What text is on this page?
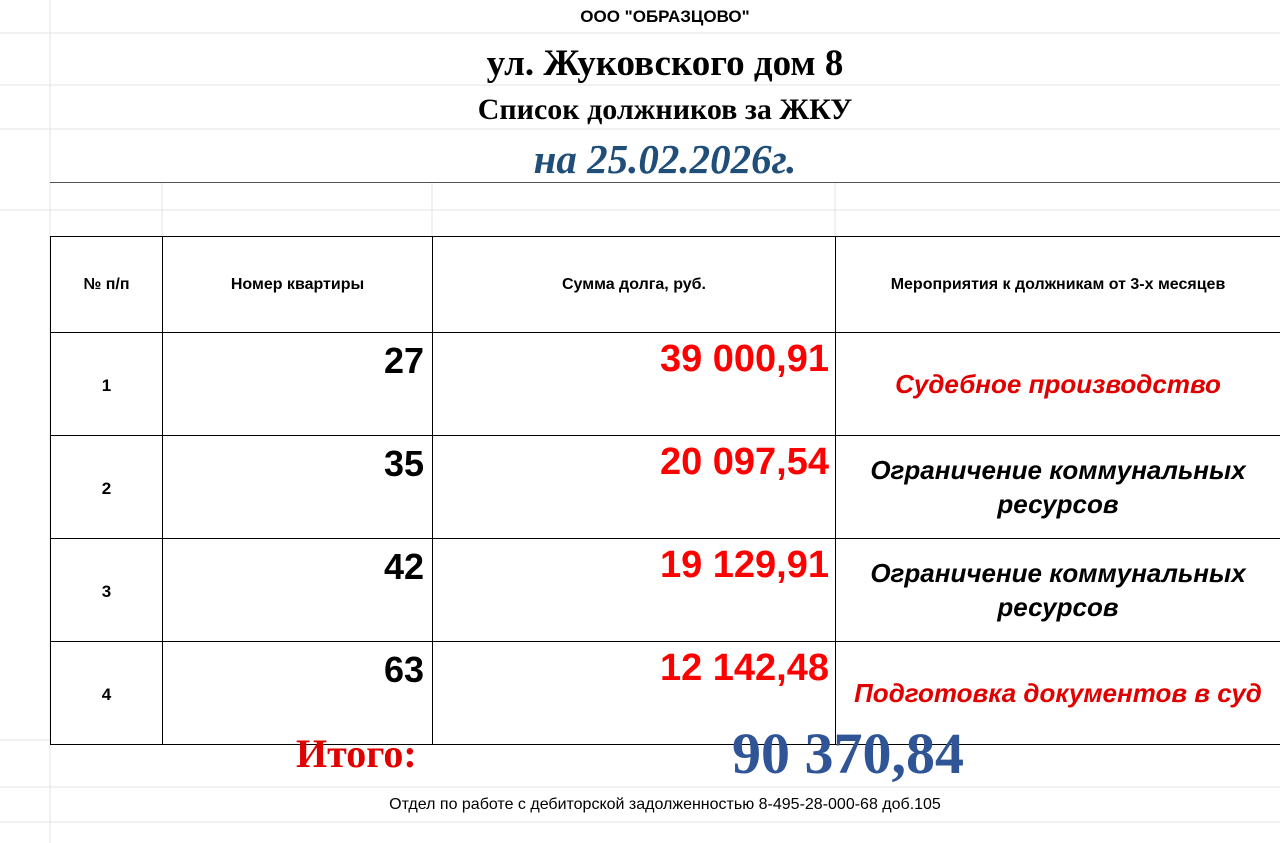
ООО "ОБРАЗЦОВО"
ул. Жуковского дом 8
Список должников за ЖКУ
на 25.02.2026г.
№ п/п	Номер квартиры	Сумма долга, руб.	Мероприятия к должникам от 3-х месяцев
1	27	39 000,91	Судебное производство
2	35	20 097,54	Ограничение коммунальных ресурсов
3	42	19 129,91	Ограничение коммунальных ресурсов
4	63	12 142,48	Подготовка документов в суд
Итого:	90 370,84
Отдел по работе с дебиторской задолженностью 8-495-28-000-68 доб.105
